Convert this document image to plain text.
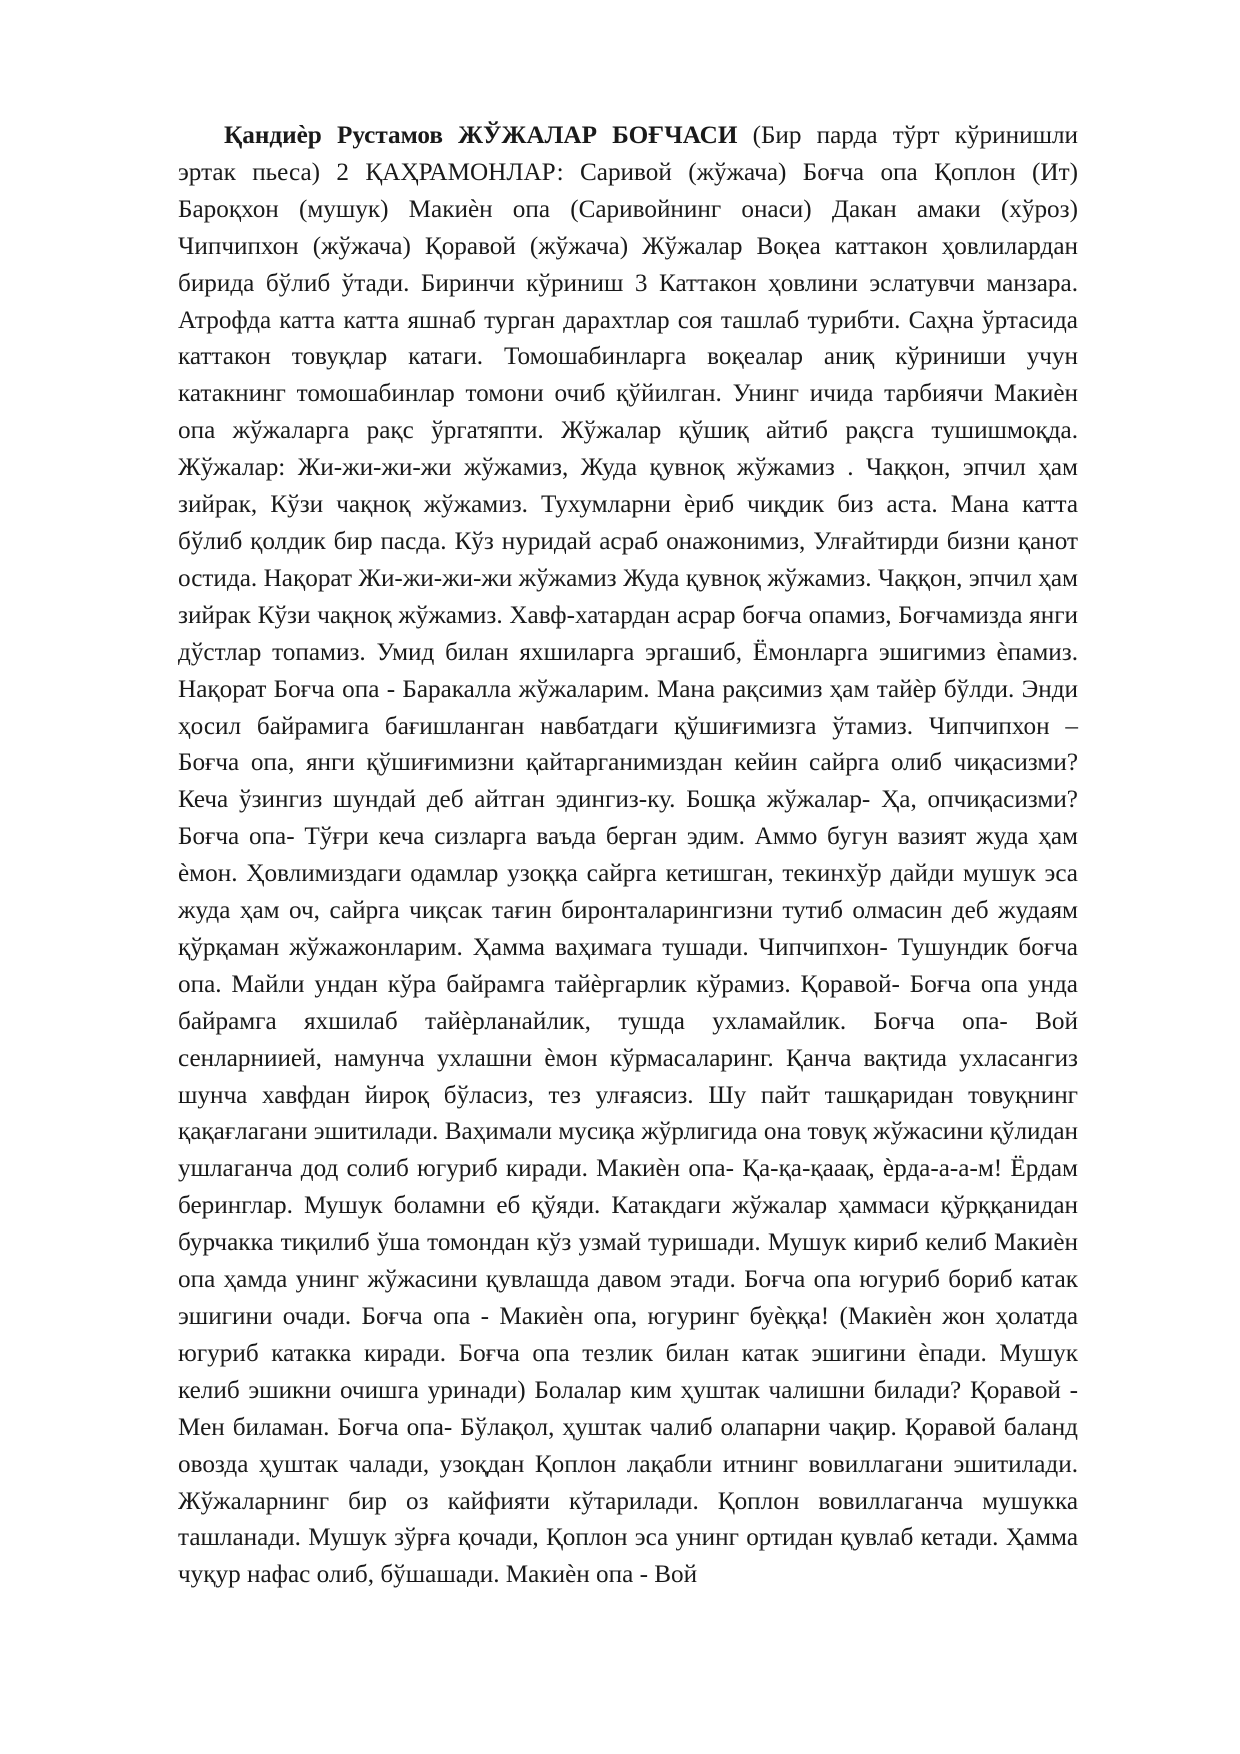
Қандиѐр Рустамов ЖЎЖАЛАР БОҒЧАСИ (Бир парда тўрт кўринишли эртак пьеса) 2 ҚАҲРАМОНЛАР: Саривой (жўжача) Боғча опа Қоплон (Ит) Бароқхон (мушук) Макиѐн опа (Саривойнинг онаси) Дакан амаки (хўроз) Чипчипхон (жўжача) Қоравой (жўжача) Жўжалар Воқеа каттакон ҳовлилардан бирида бўлиб ўтади. Биринчи кўриниш 3 Каттакон ҳовлини эслатувчи манзара. Атрофда катта катта яшнаб турган дарахтлар соя ташлаб турибти. Саҳна ўртасида каттакон товуқлар катаги. Томошабинларга воқеалар аниқ кўриниши учун катакнинг томошабинлар томони очиб қўйилган. Унинг ичида тарбиячи Макиѐн опа жўжаларга рақс ўргатяпти. Жўжалар қўшиқ айтиб рақсга тушишмоқда. Жўжалар: Жи-жи-жи-жи жўжамиз, Жуда қувноқ жўжамиз . Чаққон, эпчил ҳам зийрак, Кўзи чақноқ жўжамиз. Тухумларни ѐриб чиқдик биз аста. Мана катта бўлиб қолдик бир пасда. Кўз нуридай асраб онажонимиз, Улғайтирди бизни қанот остида. Нақорат Жи-жи-жи-жи жўжамиз Жуда қувноқ жўжамиз. Чаққон, эпчил ҳам зийрак Кўзи чақноқ жўжамиз. Хавф-хатардан асрар боғча опамиз, Боғчамизда янги дўстлар топамиз. Умид билан яхшиларга эргашиб, Ёмонларга эшигимиз ѐпамиз. Нақорат Боғча опа - Баракалла жўжаларим. Мана рақсимиз ҳам тайѐр бўлди. Энди ҳосил байрамига бағишланган навбатдаги қўшиғимизга ўтамиз. Чипчипхон – Боғча опа, янги қўшиғимизни қайтарганимиздан кейин сайрга олиб чиқасизми? Кеча ўзингиз шундай деб айтган эдингиз-ку. Бошқа жўжалар- Ҳа, опчиқасизми? Боғча опа- Тўғри кеча сизларга ваъда берган эдим. Аммо бугун вазият жуда ҳам ѐмон. Ҳовлимиздаги одамлар узоққа сайрга кетишган, текинхўр дайди мушук эса жуда ҳам оч, сайрга чиқсак тағин биронталарингизни тутиб олмасин деб жудаям қўрқаман жўжажонларим. Ҳамма ваҳимага тушади. Чипчипхон- Тушундик боғча опа. Майли ундан кўра байрамга тайѐргарлик кўрамиз. Қоравой- Боғча опа унда байрамга яхшилаб тайѐрланайлик, тушда ухламайлик. Боғча опа- Вой сенларниией, намунча ухлашни ѐмон кўрмасаларинг. Қанча вақтида ухласангиз шунча хавфдан йироқ бўласиз, тез улғаясиз. Шу пайт ташқаридан товуқнинг қақағлагани эшитилади. Ваҳимали мусиқа жўрлигида она товуқ жўжасини қўлидан ушлаганча дод солиб югуриб киради. Макиѐн опа- Қа-қа-қааақ, ѐрда-а-а-м! Ёрдам беринглар. Мушук боламни еб қўяди. Катакдаги жўжалар ҳаммаси қўрққанидан бурчакка тиқилиб ўша томондан кўз узмай туришади. Мушук кириб келиб Макиѐн опа ҳамда унинг жўжасини қувлашда давом этади. Боғча опа югуриб бориб катак эшигини очади. Боғча опа - Макиѐн опа, югуринг буѐққа! (Макиѐн жон ҳолатда югуриб катакка киради. Боғча опа тезлик билан катак эшигини ѐпади. Мушук келиб эшикни очишга уринади) Болалар ким ҳуштак чалишни билади? Қоравой - Мен биламан. Боғча опа- Бўлақол, ҳуштак чалиб олапарни чақир. Қоравой баланд овозда ҳуштак чалади, узоқдан Қоплон лақабли итнинг вовиллагани эшитилади. Жўжаларнинг бир оз кайфияти кўтарилади. Қоплон вовиллаганча мушукка ташланади. Мушук зўрға қочади, Қоплон эса унинг ортидан қувлаб кетади. Ҳамма чуқур нафас олиб, бўшашади. Макиѐн опа - Вой
